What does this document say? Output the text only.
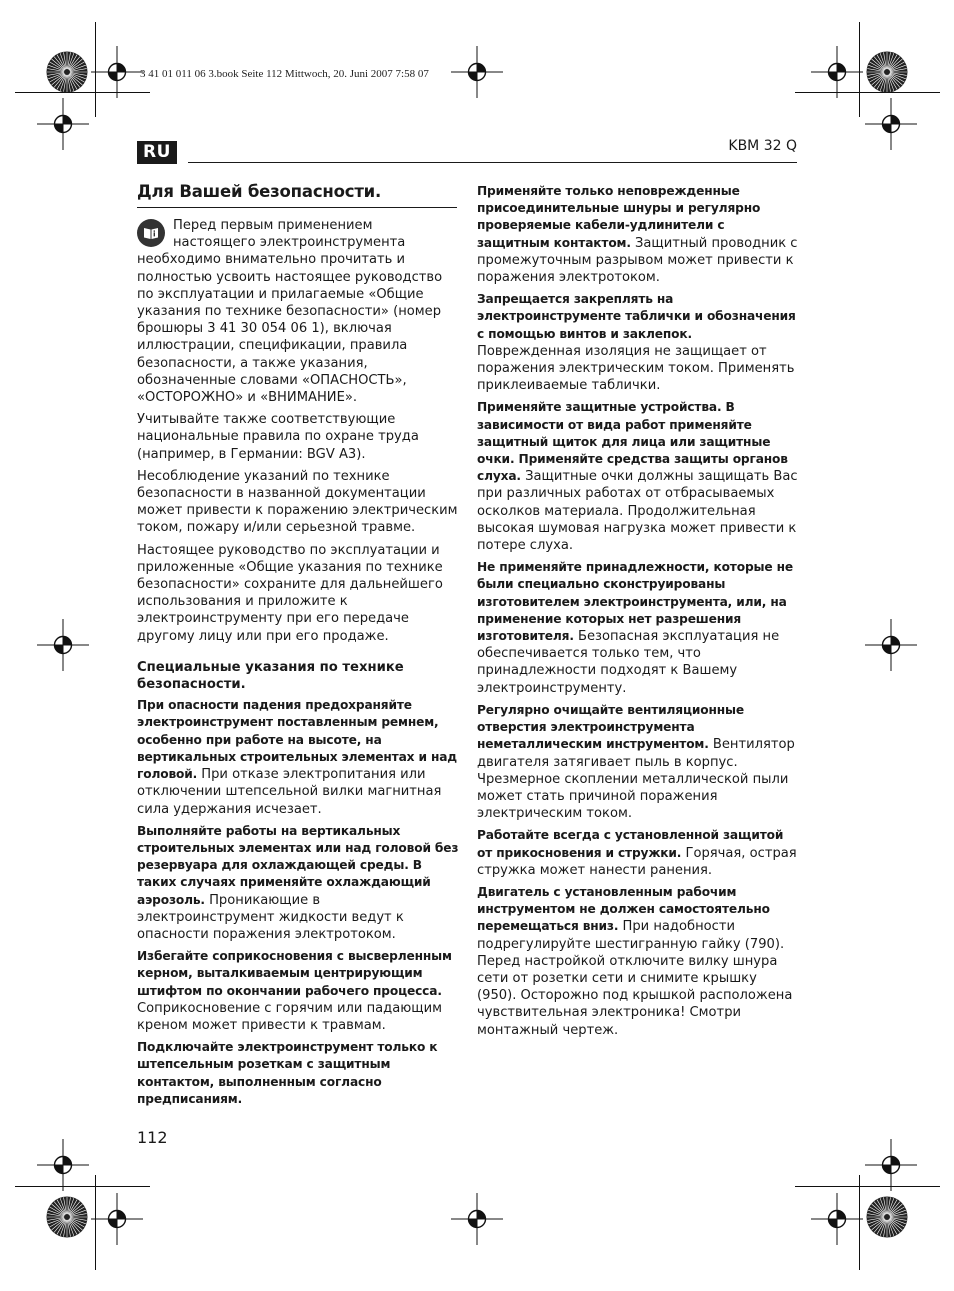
3 41 01 011 06 3.book Seite 112 Mittwoch, 20. Juni 2007 7:58 07
RU	KBM 32 Q
Для Вашей безопасности.

Перед первым применением настоящего электроинструмента необходимо внимательно прочитать и полностью усвоить настоящее руководство по эксплуатации и прилагаемые «Общие указания по технике безопасности» (номер брошюры 3 41 30 054 06 1), включая иллюстрации, спецификации, правила безопасности, а также указания, обозначенные словами «ОПАСНОСТЬ», «ОСТОРОЖНО» и «ВНИМАНИЕ».

Учитывайте также соответствующие национальные правила по охране труда (например, в Германии: BGV A3).

Несоблюдение указаний по технике безопасности в названной документации может привести к поражению электрическим током, пожару и/или серьезной травме.

Настоящее руководство по эксплуатации и приложенные «Общие указания по технике безопасности» сохраните для дальнейшего использования и приложите к электроинструменту при его передаче другому лицу или при его продаже.

Специальные указания по технике безопасности.

При опасности падения предохраняйте электроинструмент поставленным ремнем, особенно при работе на высоте, на вертикальных строительных элементах и над головой. При отказе электропитания или отключении штепсельной вилки магнитная сила удержания исчезает.

Выполняйте работы на вертикальных строительных элементах или над головой без резервуара для охлаждающей среды. В таких случаях применяйте охлаждающий аэрозоль. Проникающие в электроинструмент жидкости ведут к опасности поражения электротоком.

Избегайте соприкосновения с высверленным керном, выталкиваемым центрирующим штифтом по окончании рабочего процесса. Соприкосновение с горячим или падающим креном может привести к травмам.

Подключайте электроинструмент только к штепсельным розеткам с защитным контактом, выполненным согласно предписаниям.

Применяйте только неповрежденные присоединительные шнуры и регулярно проверяемые кабели-удлинители с защитным контактом. Защитный проводник с промежуточным разрывом может привести к поражения электротоком.

Запрещается закреплять на электроинструменте таблички и обозначения с помощью винтов и заклепок. Поврежденная изоляция не защищает от поражения электрическим током. Применять приклеиваемые таблички.

Применяйте защитные устройства. В зависимости от вида работ применяйте защитный щиток для лица или защитные очки. Применяйте средства защиты органов слуха. Защитные очки должны защищать Вас при различных работах от отбрасываемых осколков материала. Продолжительная высокая шумовая нагрузка может привести к потере слуха.

Не применяйте принадлежности, которые не были специально сконструированы изготовителем электроинструмента, или, на применение которых нет разрешения изготовителя. Безопасная эксплуатация не обеспечивается только тем, что принадлежности подходят к Вашему электроинструменту.

Регулярно очищайте вентиляционные отверстия электроинструмента неметаллическим инструментом. Вентилятор двигателя затягивает пыль в корпус. Чрезмерное скоплении металлической пыли может стать причиной поражения электрическим током.

Работайте всегда с установленной защитой от прикосновения и стружки. Горячая, острая стружка может нанести ранения.

Двигатель с установленным рабочим инструментом не должен самостоятельно перемещаться вниз. При надобности подрегулируйте шестигранную гайку (790). Перед настройкой отключите вилку шнура сети от розетки сети и снимите крышку (950). Осторожно под крышкой расположена чувствительная электроника! Смотри монтажный чертеж.

112
